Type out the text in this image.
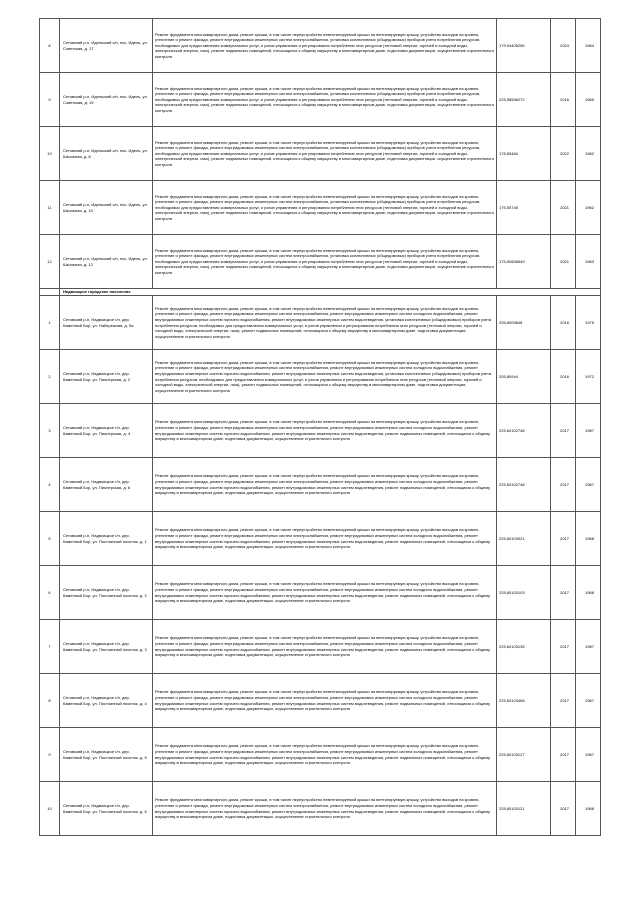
8	Сетовский р-н, Идельский с/п, пос. Идель, ул. Советская, д. 17	Ремонт фундамента многоквартирного дома, ремонт крыши, в том числе переустройство невентилируемой крыши на вентилируемую крышу, устройство выходов на кровлю, утепление и ремонт фасада, ремонт внутридомовых инженерных систем электроснабжения, установка коллективных (общедомовых) приборов учета потребления ресурсов, необходимых для предоставления коммунальных услуг, и узлов управления и регулирования потребления этих ресурсов (тепловой энергии, горячей и холодной воды, электрической энергии, газа), ремонт подвальных помещений, относящихся к общему имуществу в многоквартирном доме, подготовка документации, осуществление строительного контроля	179,94405256	2024	1964
9	Сетовский р-н, Идельский с/п, пос. Идель, ул. Советская, д. 19	Ремонт фундамента многоквартирного дома, ремонт крыши, в том числе переустройство невентилируемой крыши на вентилируемую крышу, устройство выходов на кровлю, утепление и ремонт фасада, ремонт внутридомовых инженерных систем электроснабжения, установка коллективных (общедомовых) приборов учета потребления ресурсов, необходимых для предоставления коммунальных услуг, и узлов управления и регулирования потребления этих ресурсов (тепловой энергии, горячей и холодной воды, электрической энергии, газа), ремонт подвальных помещений, относящихся к общему имуществу в многоквартирном доме, подготовка документации, осуществление строительного контроля	225,58596272	2016	1965
10	Сетовский р-н, Идельский с/п, пос. Идель, ул. Школьная, д. 8	Ремонт фундамента многоквартирного дома, ремонт крыши, в том числе переустройство невентилируемой крыши на вентилируемую крышу, устройство выходов на кровлю, утепление и ремонт фасада, ремонт внутридомовых инженерных систем электроснабжения, установка коллективных (общедомовых) приборов учета потребления ресурсов, необходимых для предоставления коммунальных услуг, и узлов управления и регулирования потребления этих ресурсов (тепловой энергии, горячей и холодной воды, электрической энергии, газа), ремонт подвальных помещений, относящихся к общему имуществу в многоквартирном доме, подготовка документации, осуществление строительного контроля	178,55484	2022	1962
11	Сетовский р-н, Идельский с/п, пос. Идель, ул. Школьная, д. 10	Ремонт фундамента многоквартирного дома, ремонт крыши, в том числе переустройство невентилируемой крыши на вентилируемую крышу, устройство выходов на кровлю, утепление и ремонт фасада, ремонт внутридомовых инженерных систем электроснабжения, установка коллективных (общедомовых) приборов учета потребления ресурсов, необходимых для предоставления коммунальных услуг, и узлов управления и регулирования потребления этих ресурсов (тепловой энергии, горячей и холодной воды, электрической энергии, газа), ремонт подвальных помещений, относящихся к общему имуществу в многоквартирном доме, подготовка документации, осуществление строительного контроля	175,5574б	2021	1962
12	Сетовский р-н, Идельский с/п, пос. Идель, ул. Школьная, д. 12	Ремонт фундамента многоквартирного дома, ремонт крыши, в том числе переустройство невентилируемой крыши на вентилируемую крышу, устройство выходов на кровлю, утепление и ремонт фасада, ремонт внутридомовых инженерных систем электроснабжения, установка коллективных (общедомовых) приборов учета потребления ресурсов, необходимых для предоставления коммунальных услуг, и узлов управления и регулирования потребления этих ресурсов (тепловой энергии, горячей и холодной воды, электрической энергии, газа), ремонт подвальных помещений, относящихся к общему имуществу в многоквартирном доме, подготовка документации, осуществление строительного контроля	175,50606649	2021	1963
	Надвоицкое городское поселение				
1	Сетовский р-н, Надвоицкое г/п, дер. Каменный Бор, ул. Набережная, д. 9а	Ремонт фундамента многоквартирного дома, ремонт крыши, в том числе переустройство невентилируемой крыши на вентилируемую крышу, устройство выходов на кровлю, утепление и ремонт фасада, ремонт внутридомовых инженерных систем электроснабжения, ремонт внутридомовых инженерных систем холодного водоснабжения, ремонт внутридомовых инженерных систем горячего водоснабжения, ремонт внутридомовых инженерных систем водоотведения, установка коллективных (общедомовых) приборов учета потребления ресурсов, необходимых для предоставления коммунальных услуг, и узлов управления и регулирования потребления этих ресурсов (тепловой энергии, горячей и холодной воды, электрической энергии, газа), ремонт подвальных помещений, относящихся к общему имуществу в многоквартирном доме, подготовка документации, осуществление строительного контроля	205,8009848	2016	1975
2	Сетовский р-н, Надвоицкое г/п, дер. Каменный Бор, ул. Пионерская, д. 2	Ремонт фундамента многоквартирного дома, ремонт крыши, в том числе переустройство невентилируемой крыши на вентилируемую крышу, устройство выходов на кровлю, утепление и ремонт фасада, ремонт внутридомовых инженерных систем электроснабжения, ремонт внутридомовых инженерных систем холодного водоснабжения, ремонт внутридомовых инженерных систем горячего водоснабжения, ремонт внутридомовых инженерных систем водоотведения, установка коллективных (общедомовых) приборов учета потребления ресурсов, необходимых для предоставления коммунальных услуг, и узлов управления и регулирования потребления этих ресурсов (тепловой энергии, горячей и холодной воды, электрической энергии, газа), ремонт подвальных помещений, относящихся к общему имуществу в многоквартирном доме, подготовка документации, осуществление строительного контроля	205,80944	2016	1972
3	Сетовский р-н, Надвоицкое г/п, дер. Каменный Бор, ул. Пионерская, д. 4	Ремонт фундамента многоквартирного дома, ремонт крыши, в том числе переустройство невентилируемой крыши на вентилируемую крышу, устройство выходов на кровлю, утепление и ремонт фасада, ремонт внутридомовых инженерных систем электроснабжения, ремонт внутридомовых инженерных систем холодного водоснабжения, ремонт внутридомовых инженерных систем горячего водоснабжения, ремонт внутридомовых инженерных систем водоотведения, ремонт подвальных помещений, относящихся к общему имуществу в многоквартирном доме, подготовка документации, осуществление строительного контроля	225,60102748	2017	1967
4	Сетовский р-н, Надвоицкое г/п, дер. Каменный Бор, ул. Пионерская, д. 6	Ремонт фундамента многоквартирного дома, ремонт крыши, в том числе переустройство невентилируемой крыши на вентилируемую крышу, устройство выходов на кровлю, утепление и ремонт фасада, ремонт внутридомовых инженерных систем электроснабжения, ремонт внутридомовых инженерных систем холодного водоснабжения, ремонт внутридомовых инженерных систем горячего водоснабжения, ремонт внутридомовых инженерных систем водоотведения, ремонт подвальных помещений, относящихся к общему имуществу в многоквартирном доме, подготовка документации, осуществление строительного контроля	225,60102748	2017	1967
5	Сетовский р-н, Надвоицкое г/п, дер. Каменный Бор, ул. Постоянный поселок, д. 1	Ремонт фундамента многоквартирного дома, ремонт крыши, в том числе переустройство невентилируемой крыши на вентилируемую крышу, устройство выходов на кровлю, утепление и ремонт фасада, ремонт внутридомовых инженерных систем электроснабжения, ремонт внутридомовых инженерных систем холодного водоснабжения, ремонт внутридомовых инженерных систем горячего водоснабжения, ремонт внутридомовых инженерных систем водоотведения, ремонт подвальных помещений, относящихся к общему имуществу в многоквартирном доме, подготовка документации, осуществление строительного контроля	225,60103021	2017	1968
6	Сетовский р-н, Надвоицкое г/п, дер. Каменный Бор, ул. Постоянный поселок, д. 2	Ремонт фундамента многоквартирного дома, ремонт крыши, в том числе переустройство невентилируемой крыши на вентилируемую крышу, устройство выходов на кровлю, утепление и ремонт фасада, ремонт внутридомовых инженерных систем электроснабжения, ремонт внутридомовых инженерных систем холодного водоснабжения, ремонт внутридомовых инженерных систем горячего водоснабжения, ремонт внутридомовых инженерных систем водоотведения, ремонт подвальных помещений, относящихся к общему имуществу в многоквартирном доме, подготовка документации, осуществление строительного контроля	225,60103103	2017	1968
7	Сетовский р-н, Надвоицкое г/п, дер. Каменный Бор, ул. Постоянный поселок, д. 3	Ремонт фундамента многоквартирного дома, ремонт крыши, в том числе переустройство невентилируемой крыши на вентилируемую крышу, устройство выходов на кровлю, утепление и ремонт фасада, ремонт внутридомовых инженерных систем электроснабжения, ремонт внутридомовых инженерных систем холодного водоснабжения, ремонт внутридомовых инженерных систем горячего водоснабжения, ремонт внутридомовых инженерных систем водоотведения, ремонт подвальных помещений, относящихся к общему имуществу в многоквартирном доме, подготовка документации, осуществление строительного контроля	225,60103135	2017	1967
8	Сетовский р-н, Надвоицкое г/п, дер. Каменный Бор, ул. Постоянный поселок, д. 4	Ремонт фундамента многоквартирного дома, ремонт крыши, в том числе переустройство невентилируемой крыши на вентилируемую крышу, устройство выходов на кровлю, утепление и ремонт фасада, ремонт внутридомовых инженерных систем электроснабжения, ремонт внутридомовых инженерных систем холодного водоснабжения, ремонт внутридомовых инженерных систем горячего водоснабжения, ремонт внутридомовых инженерных систем водоотведения, ремонт подвальных помещений, относящихся к общему имуществу в многоквартирном доме, подготовка документации, осуществление строительного контроля	225,60103468	2017	1967
9	Сетовский р-н, Надвоицкое г/п, дер. Каменный Бор, ул. Постоянный поселок, д. 5	Ремонт фундамента многоквартирного дома, ремонт крыши, в том числе переустройство невентилируемой крыши на вентилируемую крышу, устройство выходов на кровлю, утепление и ремонт фасада, ремонт внутридомовых инженерных систем электроснабжения, ремонт внутридомовых инженерных систем холодного водоснабжения, ремонт внутридомовых инженерных систем горячего водоснабжения, ремонт внутридомовых инженерных систем водоотведения, ремонт подвальных помещений, относящихся к общему имуществу в многоквартирном доме, подготовка документации, осуществление строительного контроля	225,60103127	2017	1967
10	Сетовский р-н, Надвоицкое г/п, дер. Каменный Бор, ул. Постоянный поселок, д. 6	Ремонт фундамента многоквартирного дома, ремонт крыши, в том числе переустройство невентилируемой крыши на вентилируемую крышу, устройство выходов на кровлю, утепление и ремонт фасада, ремонт внутридомовых инженерных систем электроснабжения, ремонт внутридомовых инженерных систем холодного водоснабжения, ремонт внутридомовых инженерных систем горячего водоснабжения, ремонт внутридомовых инженерных систем водоотведения, ремонт подвальных помещений, относящихся к общему имуществу в многоквартирном доме, подготовка документации, осуществление строительного контроля	225,60103121	2017	1968
